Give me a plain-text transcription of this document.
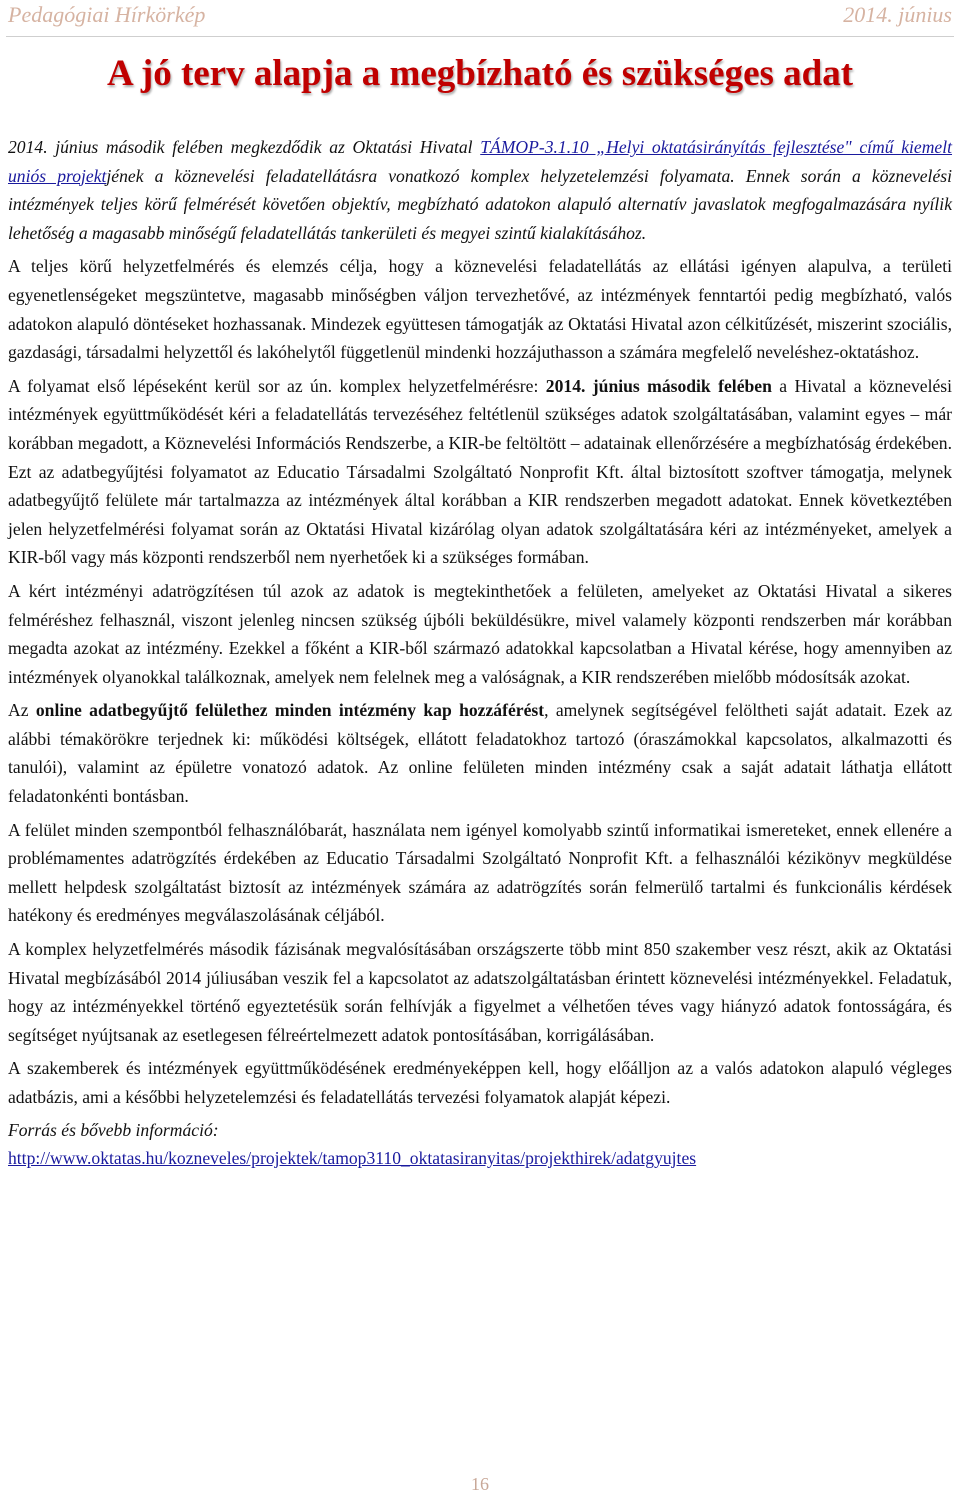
Pedagógiai Hírkörkép	2014. június
A jó terv alapja a megbízható és szükséges adat

2014. június második felében megkezdődik az Oktatási Hivatal TÁMOP-3.1.10 „Helyi oktatásirányítás fejlesztése" című kiemelt uniós projektjének a köznevelési feladatellátásra vonatkozó komplex helyzetelemzési folyamata. Ennek során a köznevelési intézmények teljes körű felmérését követően objektív, megbízható adatokon alapuló alternatív javaslatok megfogalmazására nyílik lehetőség a magasabb minőségű feladatellátás tankerületi és megyei szintű kialakításához.

A teljes körű helyzetfelmérés és elemzés célja, hogy a köznevelési feladatellátás az ellátási igényen alapulva, a területi egyenetlenségeket megszüntetve, magasabb minőségben váljon tervezhetővé, az intézmények fenntartói pedig megbízható, valós adatokon alapuló döntéseket hozhassanak. Mindezek együttesen támogatják az Oktatási Hivatal azon célkitűzését, miszerint szociális, gazdasági, társadalmi helyzettől és lakóhelytől függetlenül mindenki hozzájuthasson a számára megfelelő neveléshez-oktatáshoz.

A folyamat első lépéseként kerül sor az ún. komplex helyzetfelmérésre: 2014. június második felében a Hivatal a köznevelési intézmények együttműködését kéri a feladatellátás tervezéséhez feltétlenül szükséges adatok szolgáltatásában, valamint egyes – már korábban megadott, a Köznevelési Információs Rendszerbe, a KIR-be feltöltött – adatainak ellenőrzésére a megbízhatóság érdekében. Ezt az adatbegyűjtési folyamatot az Educatio Társadalmi Szolgáltató Nonprofit Kft. által biztosított szoftver támogatja, melynek adatbegyűjtő felülete már tartalmazza az intézmények által korábban a KIR rendszerben megadott adatokat. Ennek következtében jelen helyzetfelmérési folyamat során az Oktatási Hivatal kizárólag olyan adatok szolgáltatására kéri az intézményeket, amelyek a KIR-ből vagy más központi rendszerből nem nyerhetőek ki a szükséges formában.

A kért intézményi adatrögzítésen túl azok az adatok is megtekinthetőek a felületen, amelyeket az Oktatási Hivatal a sikeres felméréshez felhasznál, viszont jelenleg nincsen szükség újbóli beküldésükre, mivel valamely központi rendszerben már korábban megadta azokat az intézmény. Ezekkel a főként a KIR-ből származó adatokkal kapcsolatban a Hivatal kérése, hogy amennyiben az intézmények olyanokkal találkoznak, amelyek nem felelnek meg a valóságnak, a KIR rendszerében mielőbb módosítsák azokat.

Az online adatbegyűjtő felülethez minden intézmény kap hozzáférést, amelynek segítségével felöltheti saját adatait. Ezek az alábbi témakörökre terjednek ki: működési költségek, ellátott feladatokhoz tartozó (óraszámokkal kapcsolatos, alkalmazotti és tanulói), valamint az épületre vonatozó adatok. Az online felületen minden intézmény csak a saját adatait láthatja ellátott feladatonkénti bontásban.

A felület minden szempontból felhasználóbarát, használata nem igényel komolyabb szintű informatikai ismereteket, ennek ellenére a problémamentes adatrögzítés érdekében az Educatio Társadalmi Szolgáltató Nonprofit Kft. a felhasználói kézikönyv megküldése mellett helpdesk szolgáltatást biztosít az intézmények számára az adatrögzítés során felmerülő tartalmi és funkcionális kérdések hatékony és eredményes megválaszolásának céljából.

A komplex helyzetfelmérés második fázisának megvalósításában országszerte több mint 850 szakember vesz részt, akik az Oktatási Hivatal megbízásából 2014 júliusában veszik fel a kapcsolatot az adatszolgáltatásban érintett köznevelési intézményekkel. Feladatuk, hogy az intézményekkel történő egyeztetésük során felhívják a figyelmet a vélhetően téves vagy hiányzó adatok fontosságára, és segítséget nyújtsanak az esetlegesen félreértelmezett adatok pontosításában, korrigálásában.

A szakemberek és intézmények együttműködésének eredményeképpen kell, hogy előálljon az a valós adatokon alapuló végleges adatbázis, ami a későbbi helyzetelemzési és feladatellátás tervezési folyamatok alapját képezi.

Forrás és bővebb információ:

http://www.oktatas.hu/kozneveles/projektek/tamop3110_oktatasiranyitas/projekthirek/adatgyujtes
16
